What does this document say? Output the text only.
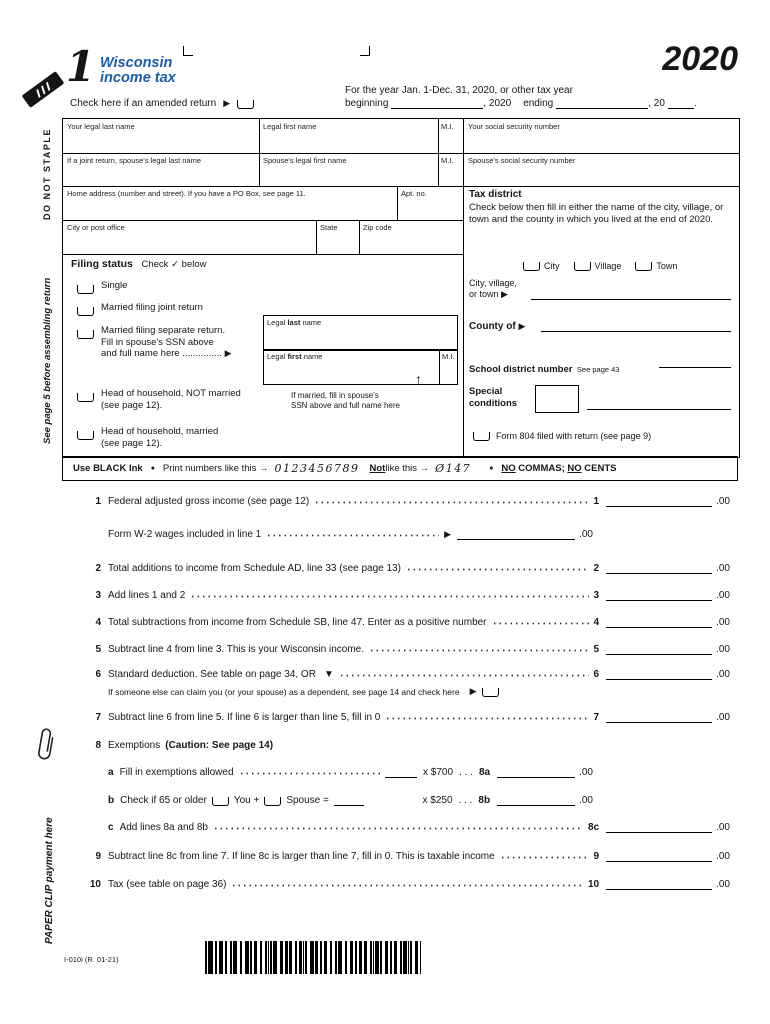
1 Wisconsin
income tax	2020
For the year Jan. 1-Dec. 31, 2020, or other tax year
Check here if an amended return ▶	beginning	, 2020 ending	, 20	.
DO NOT STAPLE
See page 5 before assembling return
PAPER CLIP payment here
Your legal last name	Legal first name	M.I. Your social security number
If a joint return, spouse's legal last name	Spouse's legal first name	M.I. Spouse's social security number
Home address (number and street). If you have a PO Box, see page 11.	Apt. no.
City or post office	State	Zip code
Filing status Check ✓ below
Single
Married filing joint return
Married filing separate return.
Fill in spouse's SSN above
and full name here ............... ▶
Legal last name
Legal first name	M.I.
Head of household, NOT married
(see page 12).
If married, fill in spouse's
SSN above and full name here
↑
Head of household, married
(see page 12).
Tax district
Check below then fill in either the name of the city, village, or town and the county in which you lived at the end of 2020.
City	Village	Town
City, village,
or town ▶
County of ▶
School district number See page 43
Special
conditions
Form 804 filed with return (see page 9)
Use BLACK Ink ● Print numbers like this → 0123456789 Not like this → Ø147	● NO COMMAS; NO CENTS
1 Federal adjusted gross income (see page 12)	1	.00
Form W-2 wages included in line 1	▶	.00
2 Total additions to income from Schedule AD, line 33 (see page 13)	2	.00
3 Add lines 1 and 2	3	.00
4 Total subtractions from income from Schedule SB, line 47. Enter as a positive number	4	.00
5 Subtract line 4 from line 3. This is your Wisconsin income.	5	.00
6 Standard deduction. See table on page 34, OR ▼	6	.00
If someone else can claim you (or your spouse) as a dependent, see page 14 and check here ▶
7 Subtract line 6 from line 5. If line 6 is larger than line 5, fill in 0	7	.00
8 Exemptions (Caution: See page 14)
a Fill in exemptions allowed	x $700 . . . 8a	.00
b Check if 65 or older	You +	Spouse =	x $250 . . . 8b	.00
c Add lines 8a and 8b	8c	.00
9 Subtract line 8c from line 7. If line 8c is larger than line 7, fill in 0. This is taxable income	9	.00
10 Tax (see table on page 36)	10	.00
I-010i (R. 01-21)
